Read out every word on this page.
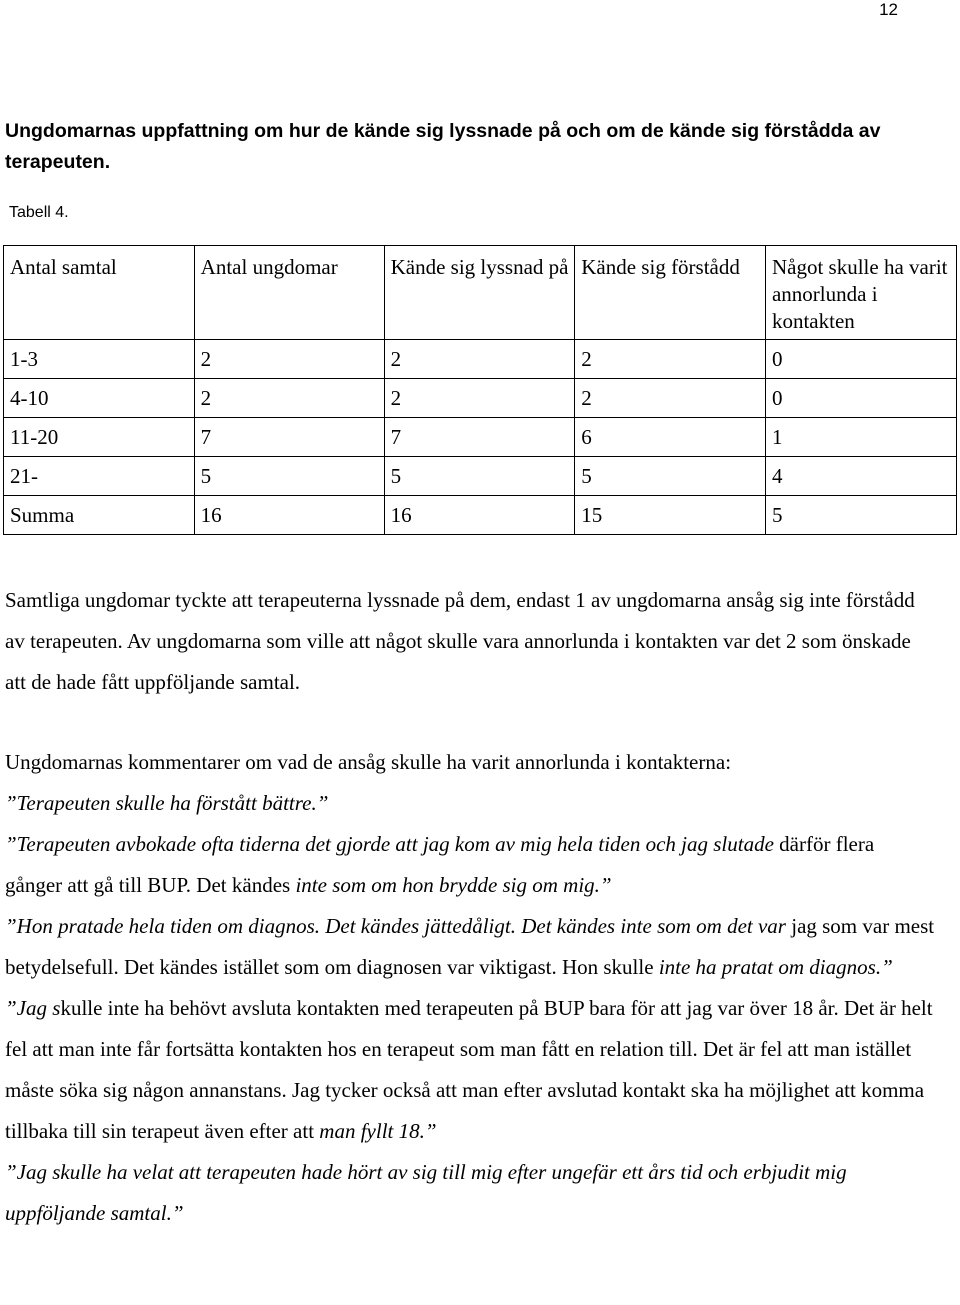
12
Ungdomarnas uppfattning om hur de kände sig lyssnade på och om de kände sig förstådda av terapeuten.
Tabell 4.
Antal samtal	Antal ungdomar	Kände sig lyssnad på	Kände sig förstådd	Något skulle ha varit annorlunda i kontakten
1-3	2	2	2	0
4-10	2	2	2	0
11-20	7	7	6	1
21-	5	5	5	4
Summa	16	16	15	5
Samtliga ungdomar tyckte att terapeuterna lyssnade på dem, endast 1 av ungdomarna ansåg sig inte förstådd av terapeuten. Av ungdomarna som ville att något skulle vara annorlunda i kontakten var det 2 som önskade att de hade fått uppföljande samtal.

Ungdomarnas kommentarer om vad de ansåg skulle ha varit annorlunda i kontakterna:

”Terapeuten skulle ha förstått bättre.”

”Terapeuten avbokade ofta tiderna det gjorde att jag kom av mig hela tiden och jag slutade därför flera gånger att gå till BUP. Det kändes inte som om hon brydde sig om mig.”

”Hon pratade hela tiden om diagnos. Det kändes jättedåligt. Det kändes inte som om det var jag som var mest betydelsefull. Det kändes istället som om diagnosen var viktigast. Hon skulle inte ha pratat om diagnos.”

”Jag skulle inte ha behövt avsluta kontakten med terapeuten på BUP bara för att jag var över 18 år. Det är helt fel att man inte får fortsätta kontakten hos en terapeut som man fått en relation till. Det är fel att man istället måste söka sig någon annanstans. Jag tycker också att man efter avslutad kontakt ska ha möjlighet att komma tillbaka till sin terapeut även efter att man fyllt 18.”

”Jag skulle ha velat att terapeuten hade hört av sig till mig efter ungefär ett års tid och erbjudit mig uppföljande samtal.”
